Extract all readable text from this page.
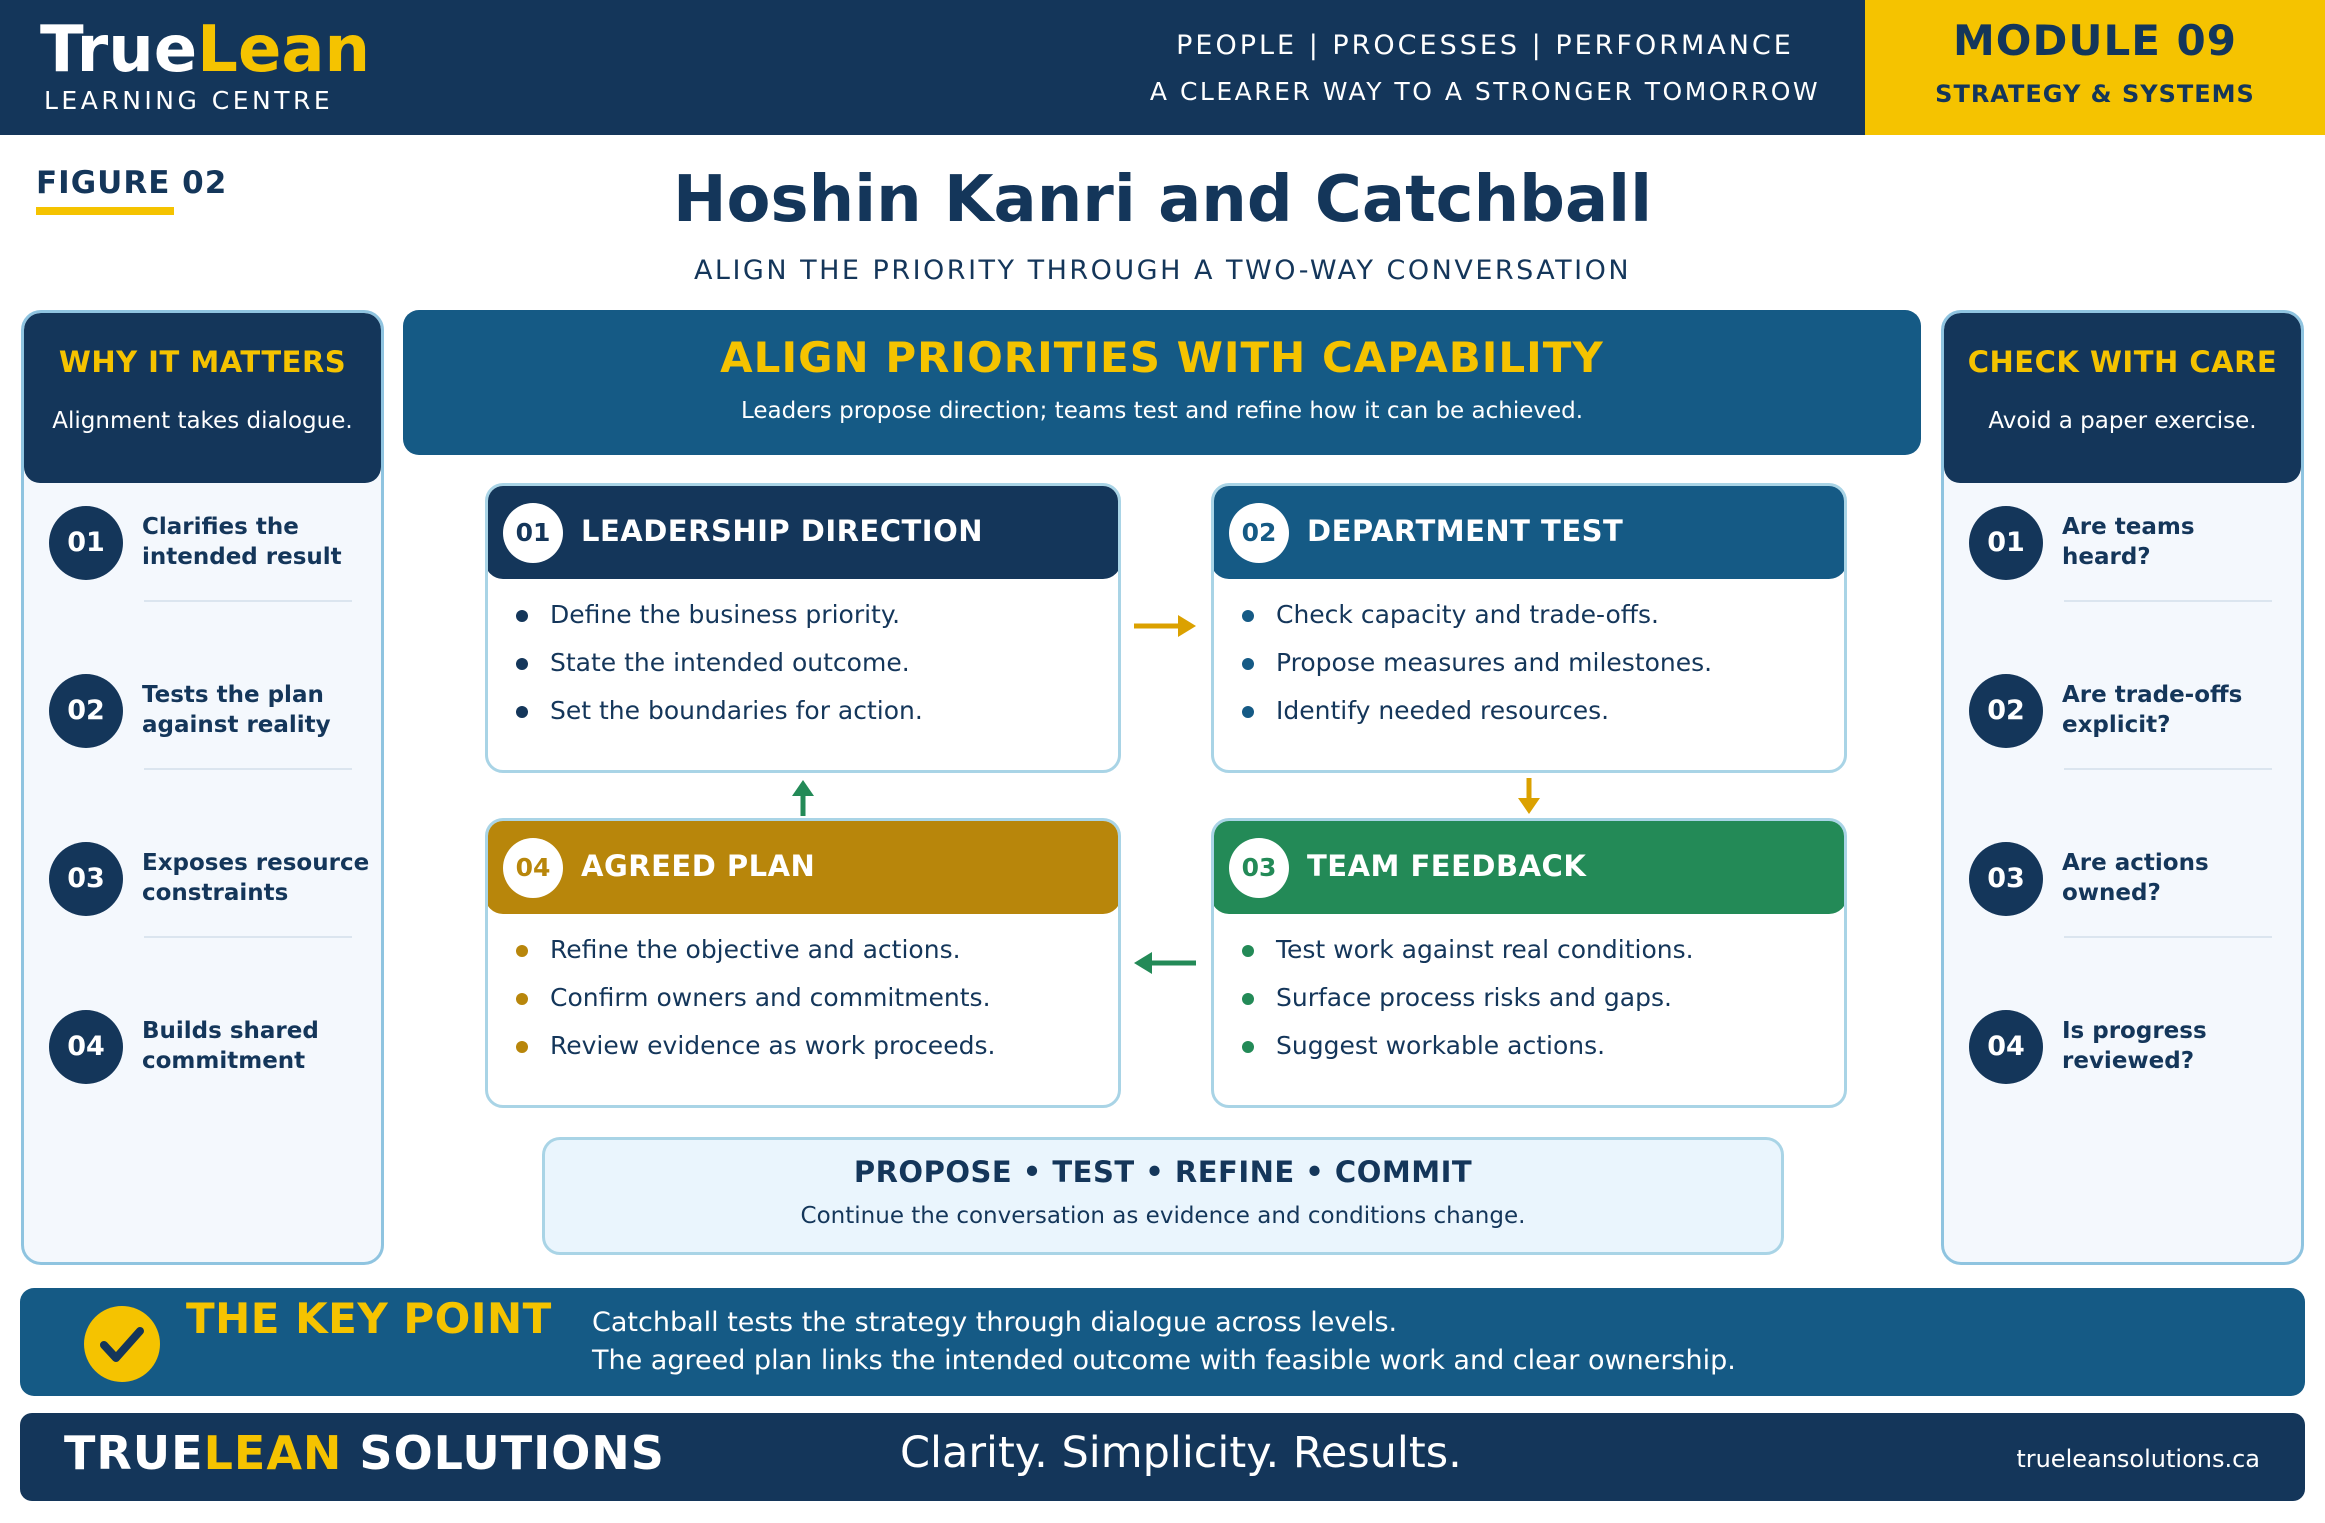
TrueLean
LEARNING CENTRE
PEOPLE | PROCESSES | PERFORMANCE
A CLEARER WAY TO A STRONGER TOMORROW
MODULE 09
STRATEGY & SYSTEMS
FIGURE 02	Hoshin Kanri and Catchball
ALIGN THE PRIORITY THROUGH A TWO-WAY CONVERSATION
WHY IT MATTERS
Alignment takes dialogue.
01	Clarifies the intended result
02	Tests the plan against reality
03	Exposes resource constraints
04	Builds shared commitment
CHECK WITH CARE
Avoid a paper exercise.
01	Are teams heard?
02	Are trade-offs explicit?
03	Are actions owned?
04	Is progress reviewed?
ALIGN PRIORITIES WITH CAPABILITY
Leaders propose direction; teams test and refine how it can be achieved.
01	LEADERSHIP DIRECTION
Define the business priority.
State the intended outcome.
Set the boundaries for action.
02	DEPARTMENT TEST
Check capacity and trade-offs.
Propose measures and milestones.
Identify needed resources.
04	AGREED PLAN
Refine the objective and actions.
Confirm owners and commitments.
Review evidence as work proceeds.
03	TEAM FEEDBACK
Test work against real conditions.
Surface process risks and gaps.
Suggest workable actions.
PROPOSE • TEST • REFINE • COMMIT
Continue the conversation as evidence and conditions change.
THE KEY POINT Catchball tests the strategy through dialogue across levels.
The agreed plan links the intended outcome with feasible work and clear ownership.
TRUELEAN SOLUTIONS	Clarity. Simplicity. Results.	trueleansolutions.ca
